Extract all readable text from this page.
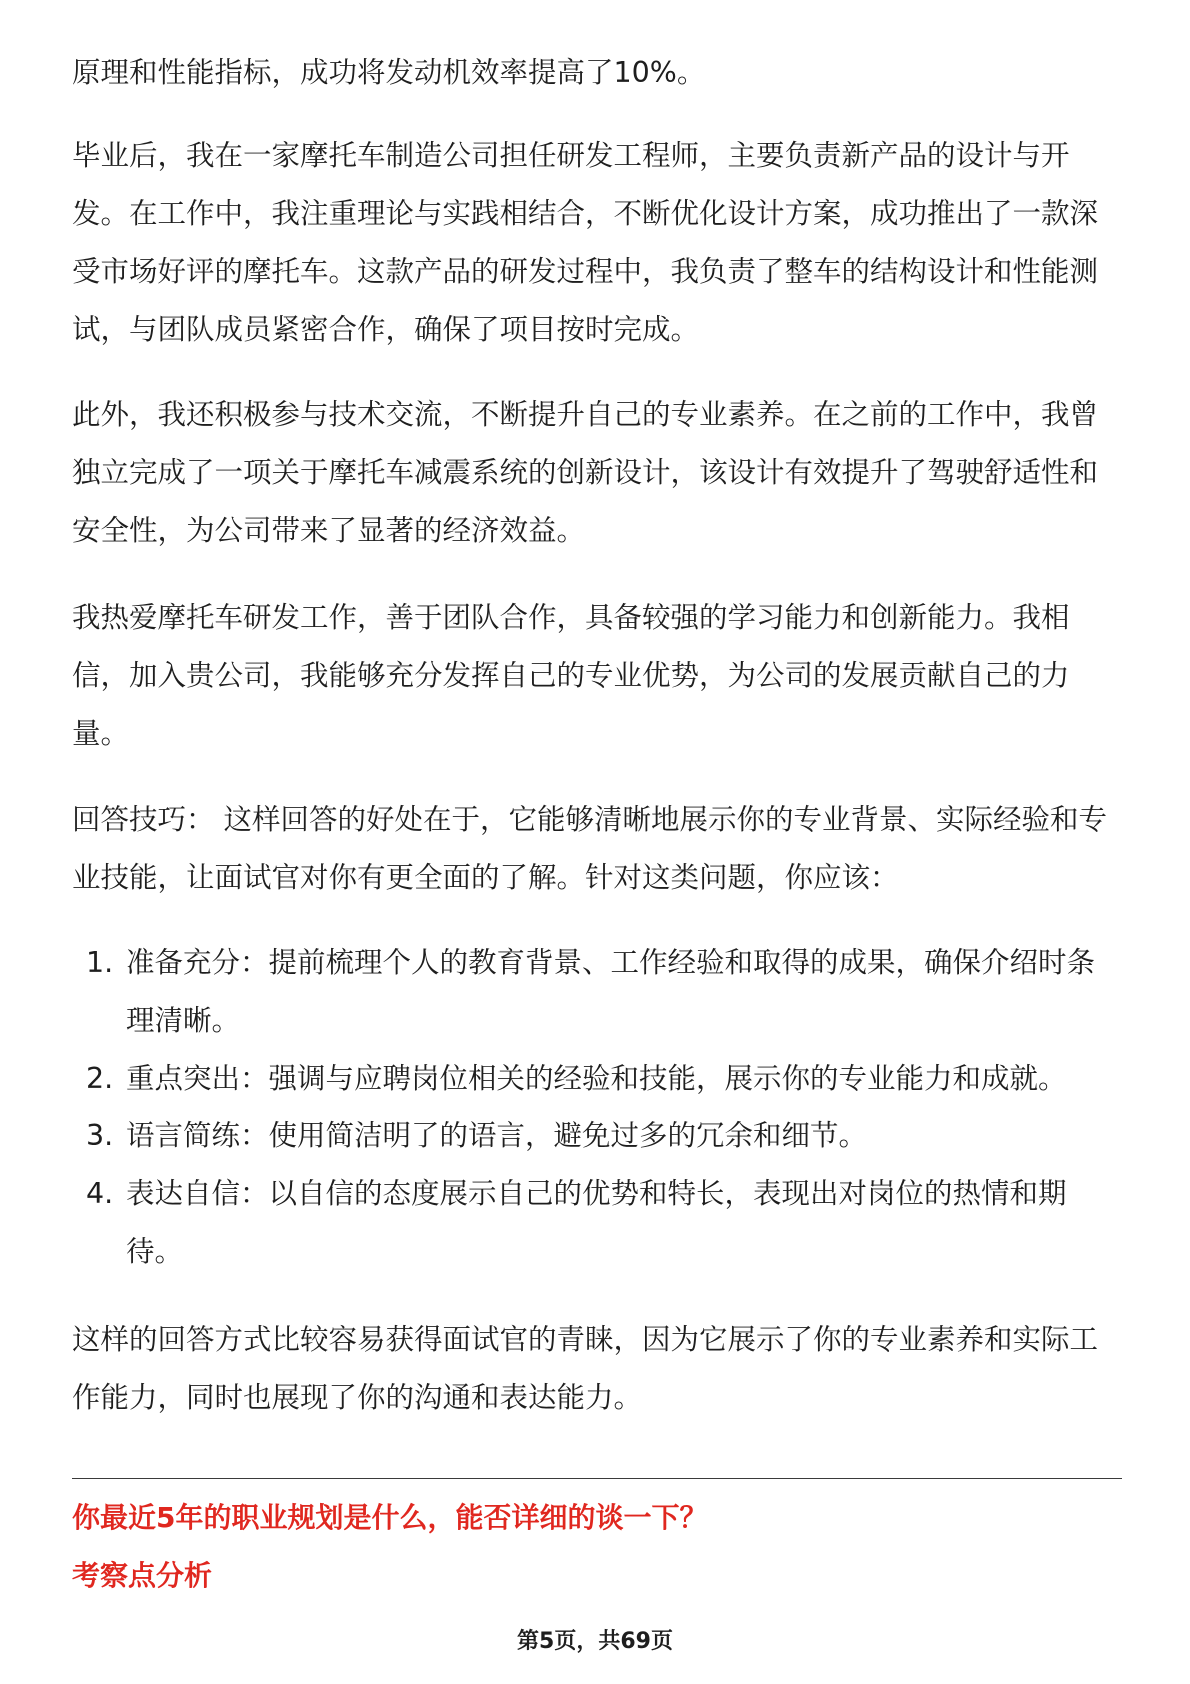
原理和性能指标，成功将发动机效率提高了10%。
毕业后，我在一家摩托车制造公司担任研发工程师，主要负责新产品的设计与开
发。在工作中，我注重理论与实践相结合，不断优化设计方案，成功推出了一款深
受市场好评的摩托车。这款产品的研发过程中，我负责了整车的结构设计和性能测
试，与团队成员紧密合作，确保了项目按时完成。
此外，我还积极参与技术交流，不断提升自己的专业素养。在之前的工作中，我曾
独立完成了一项关于摩托车减震系统的创新设计，该设计有效提升了驾驶舒适性和
安全性，为公司带来了显著的经济效益。
我热爱摩托车研发工作，善于团队合作，具备较强的学习能力和创新能力。我相
信，加入贵公司，我能够充分发挥自己的专业优势，为公司的发展贡献自己的力
量。
回答技巧： 这样回答的好处在于，它能够清晰地展示你的专业背景、实际经验和专
业技能，让面试官对你有更全面的了解。针对这类问题，你应该：
1. 准备充分：提前梳理个人的教育背景、工作经验和取得的成果，确保介绍时条
理清晰。
2. 重点突出：强调与应聘岗位相关的经验和技能，展示你的专业能力和成就。
3. 语言简练：使用简洁明了的语言，避免过多的冗余和细节。
4. 表达自信：以自信的态度展示自己的优势和特长，表现出对岗位的热情和期
待。
这样的回答方式比较容易获得面试官的青睐，因为它展示了你的专业素养和实际工
作能力，同时也展现了你的沟通和表达能力。
你最近5年的职业规划是什么，能否详细的谈一下？
考察点分析
第5页，共69页
